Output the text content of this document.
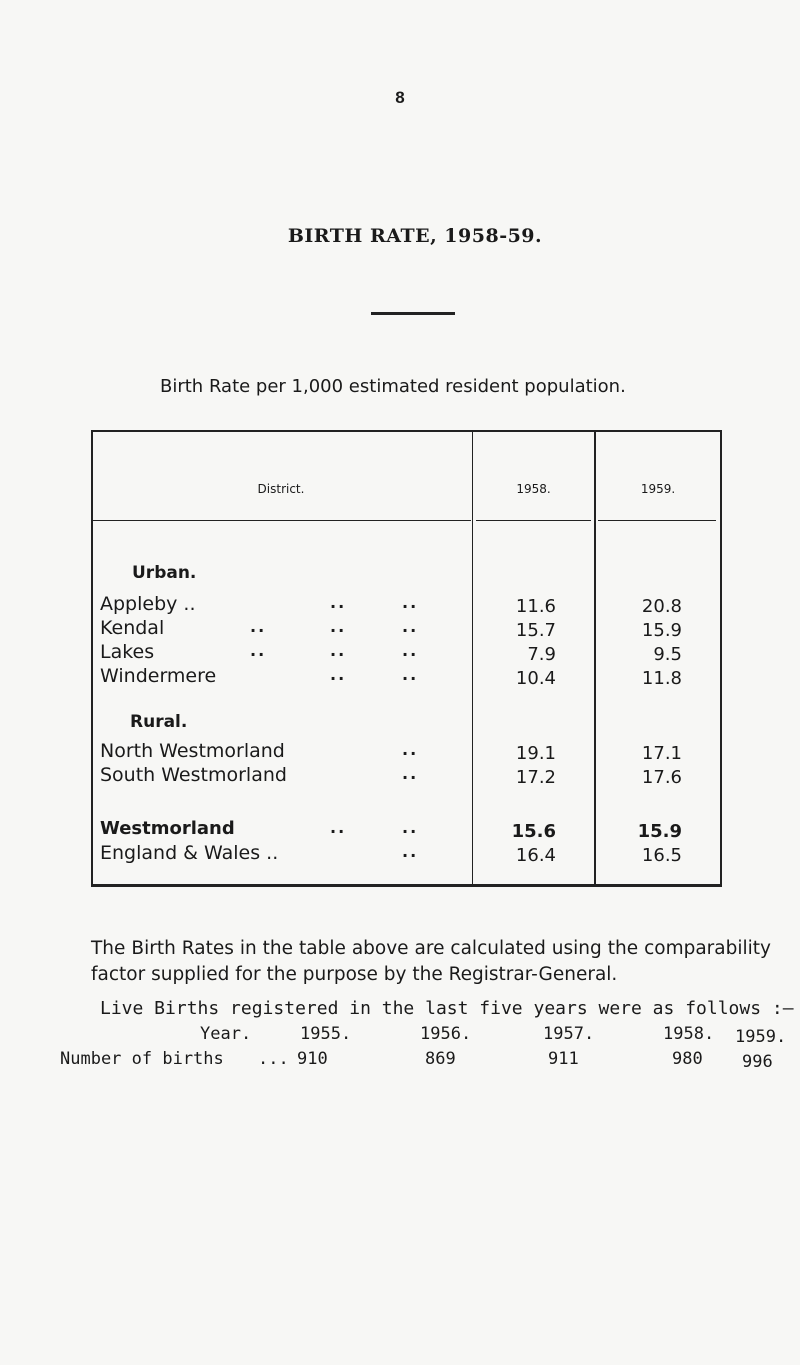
8
BIRTH RATE, 1958-59.
Birth Rate per 1,000 estimated resident population.
District.	1958.	1959.
Urban.
Rural.
Appleby ..	..	..	11.6	20.8
Kendal	..	..	..	15.7	15.9
Lakes	..	..	..	7.9	9.5
Windermere	..	..	10.4	11.8
North Westmorland	..	19.1	17.1
South Westmorland	..	17.2	17.6
Westmorland	..	..	15.6	15.9
England & Wales ..	..	16.4	16.5
The Birth Rates in the table above are calculated using the comparability factor supplied for the purpose by the Registrar-General.
Live Births registered in the last five years were as follows :—
Year.	1955.	1956.	1957.	1958. 1959.
Number of births ... 910	869	911	980 996
